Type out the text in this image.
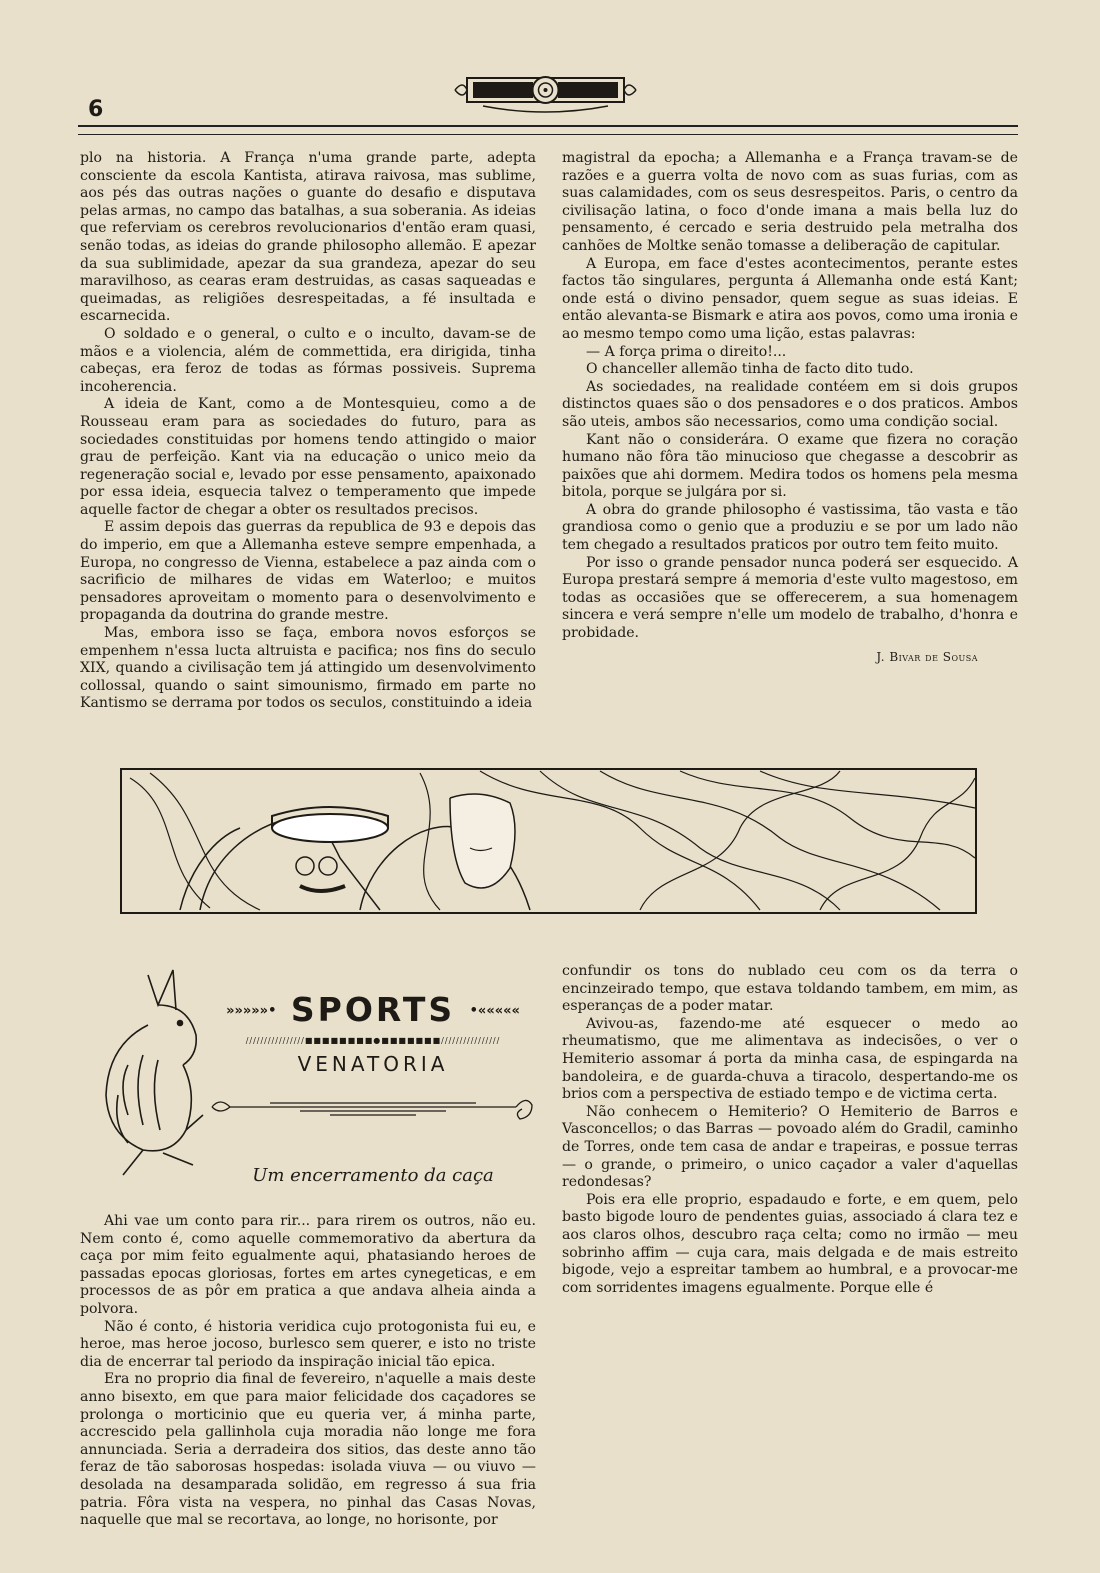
6

plo na historia. A França n'uma grande parte, adepta consciente da escola Kantista, atirava raivosa, mas sublime, aos pés das outras nações o guante do desafio e disputava pelas armas, no campo das batalhas, a sua soberania. As ideias que referviam os cerebros revolucionarios d'então eram quasi, senão todas, as ideias do grande philosopho allemão. E apezar da sua sublimidade, apezar da sua grandeza, apezar do seu maravilhoso, as cearas eram destruidas, as casas saqueadas e queimadas, as religiões desrespeitadas, a fé insultada e escarnecida.

O soldado e o general, o culto e o inculto, davam-se de mãos e a violencia, além de commettida, era dirigida, tinha cabeças, era feroz de todas as fórmas possiveis. Suprema incoherencia.

A ideia de Kant, como a de Montesquieu, como a de Rousseau eram para as sociedades do futuro, para as sociedades constituidas por homens tendo attingido o maior grau de perfeição. Kant via na educação o unico meio da regeneração social e, levado por esse pensamento, apaixonado por essa ideia, esquecia talvez o temperamento que impede aquelle factor de chegar a obter os resultados precisos.

E assim depois das guerras da republica de 93 e depois das do imperio, em que a Allemanha esteve sempre empenhada, a Europa, no congresso de Vienna, estabelece a paz ainda com o sacrificio de milhares de vidas em Waterloo; e muitos pensadores aproveitam o momento para o desenvolvimento e propaganda da doutrina do grande mestre.

Mas, embora isso se faça, embora novos esforços se empenhem n'essa lucta altruista e pacifica; nos fins do seculo XIX, quando a civilisação tem já attingido um desenvolvimento collossal, quando o saint simounismo, firmado em parte no Kantismo se derrama por todos os seculos, constituindo a ideia

magistral da epocha; a Allemanha e a França travam-se de razões e a guerra volta de novo com as suas furias, com as suas calamidades, com os seus desrespeitos. Paris, o centro da civilisação latina, o foco d'onde imana a mais bella luz do pensamento, é cercado e seria destruido pela metralha dos canhões de Moltke senão tomasse a deliberação de capitular.

A Europa, em face d'estes acontecimentos, perante estes factos tão singulares, pergunta á Allemanha onde está Kant; onde está o divino pensador, quem segue as suas ideias. E então alevanta-se Bismark e atira aos povos, como uma ironia e ao mesmo tempo como uma lição, estas palavras:

— A força prima o direito!...

O chanceller allemão tinha de facto dito tudo.

As sociedades, na realidade contéem em si dois grupos distinctos quaes são o dos pensadores e o dos praticos. Ambos são uteis, ambos são necessarios, como uma condição social.

Kant não o considerára. O exame que fizera no coração humano não fôra tão minucioso que chegasse a descobrir as paixões que ahi dormem. Medira todos os homens pela mesma bitola, porque se julgára por si.

A obra do grande philosopho é vastissima, tão vasta e tão grandiosa como o genio que a produziu e se por um lado não tem chegado a resultados praticos por outro tem feito muito.

Por isso o grande pensador nunca poderá ser esquecido. A Europa prestará sempre á memoria d'este vulto magestoso, em todas as occasiões que se offerecerem, a sua homenagem sincera e verá sempre n'elle um modelo de trabalho, d'honra e probidade.

J. Bivar de Sousa
»»»»»• SPORTS •«««««
////////////////■■■■■■■■●■■■■■■■////////////////
VENATORIA
Um encerramento da caça

Ahi vae um conto para rir... para rirem os outros, não eu. Nem conto é, como aquelle commemorativo da abertura da caça por mim feito egualmente aqui, phatasiando heroes de passadas epocas gloriosas, fortes em artes cynegeticas, e em processos de as pôr em pratica a que andava alheia ainda a polvora.

Não é conto, é historia veridica cujo protogonista fui eu, e heroe, mas heroe jocoso, burlesco sem querer, e isto no triste dia de encerrar tal periodo da inspiração inicial tão epica.

Era no proprio dia final de fevereiro, n'aquelle a mais deste anno bisexto, em que para maior felicidade dos caçadores se prolonga o morticinio que eu queria ver, á minha parte, accrescido pela gallinhola cuja moradia não longe me fora annunciada. Seria a derradeira dos sitios, das deste anno tão feraz de tão saborosas hospedas: isolada viuva — ou viuvo — desolada na desamparada solidão, em regresso á sua fria patria. Fôra vista na vespera, no pinhal das Casas Novas, naquelle que mal se recortava, ao longe, no horisonte, por

confundir os tons do nublado ceu com os da terra o encinzeirado tempo, que estava toldando tambem, em mim, as esperanças de a poder matar.

Avivou-as, fazendo-me até esquecer o medo ao rheumatismo, que me alimentava as indecisões, o ver o Hemiterio assomar á porta da minha casa, de espingarda na bandoleira, e de guarda-chuva a tiracolo, despertando-me os brios com a perspectiva de estiado tempo e de victima certa.

Não conhecem o Hemiterio? O Hemiterio de Barros e Vasconcellos; o das Barras — povoado além do Gradil, caminho de Torres, onde tem casa de andar e trapeiras, e possue terras — o grande, o primeiro, o unico caçador a valer d'aquellas redondesas?

Pois era elle proprio, espadaudo e forte, e em quem, pelo basto bigode louro de pendentes guias, associado á clara tez e aos claros olhos, descubro raça celta; como no irmão — meu sobrinho affim — cuja cara, mais delgada e de mais estreito bigode, vejo a espreitar tambem ao humbral, e a provocar-me com sorridentes imagens egualmente. Porque elle é
